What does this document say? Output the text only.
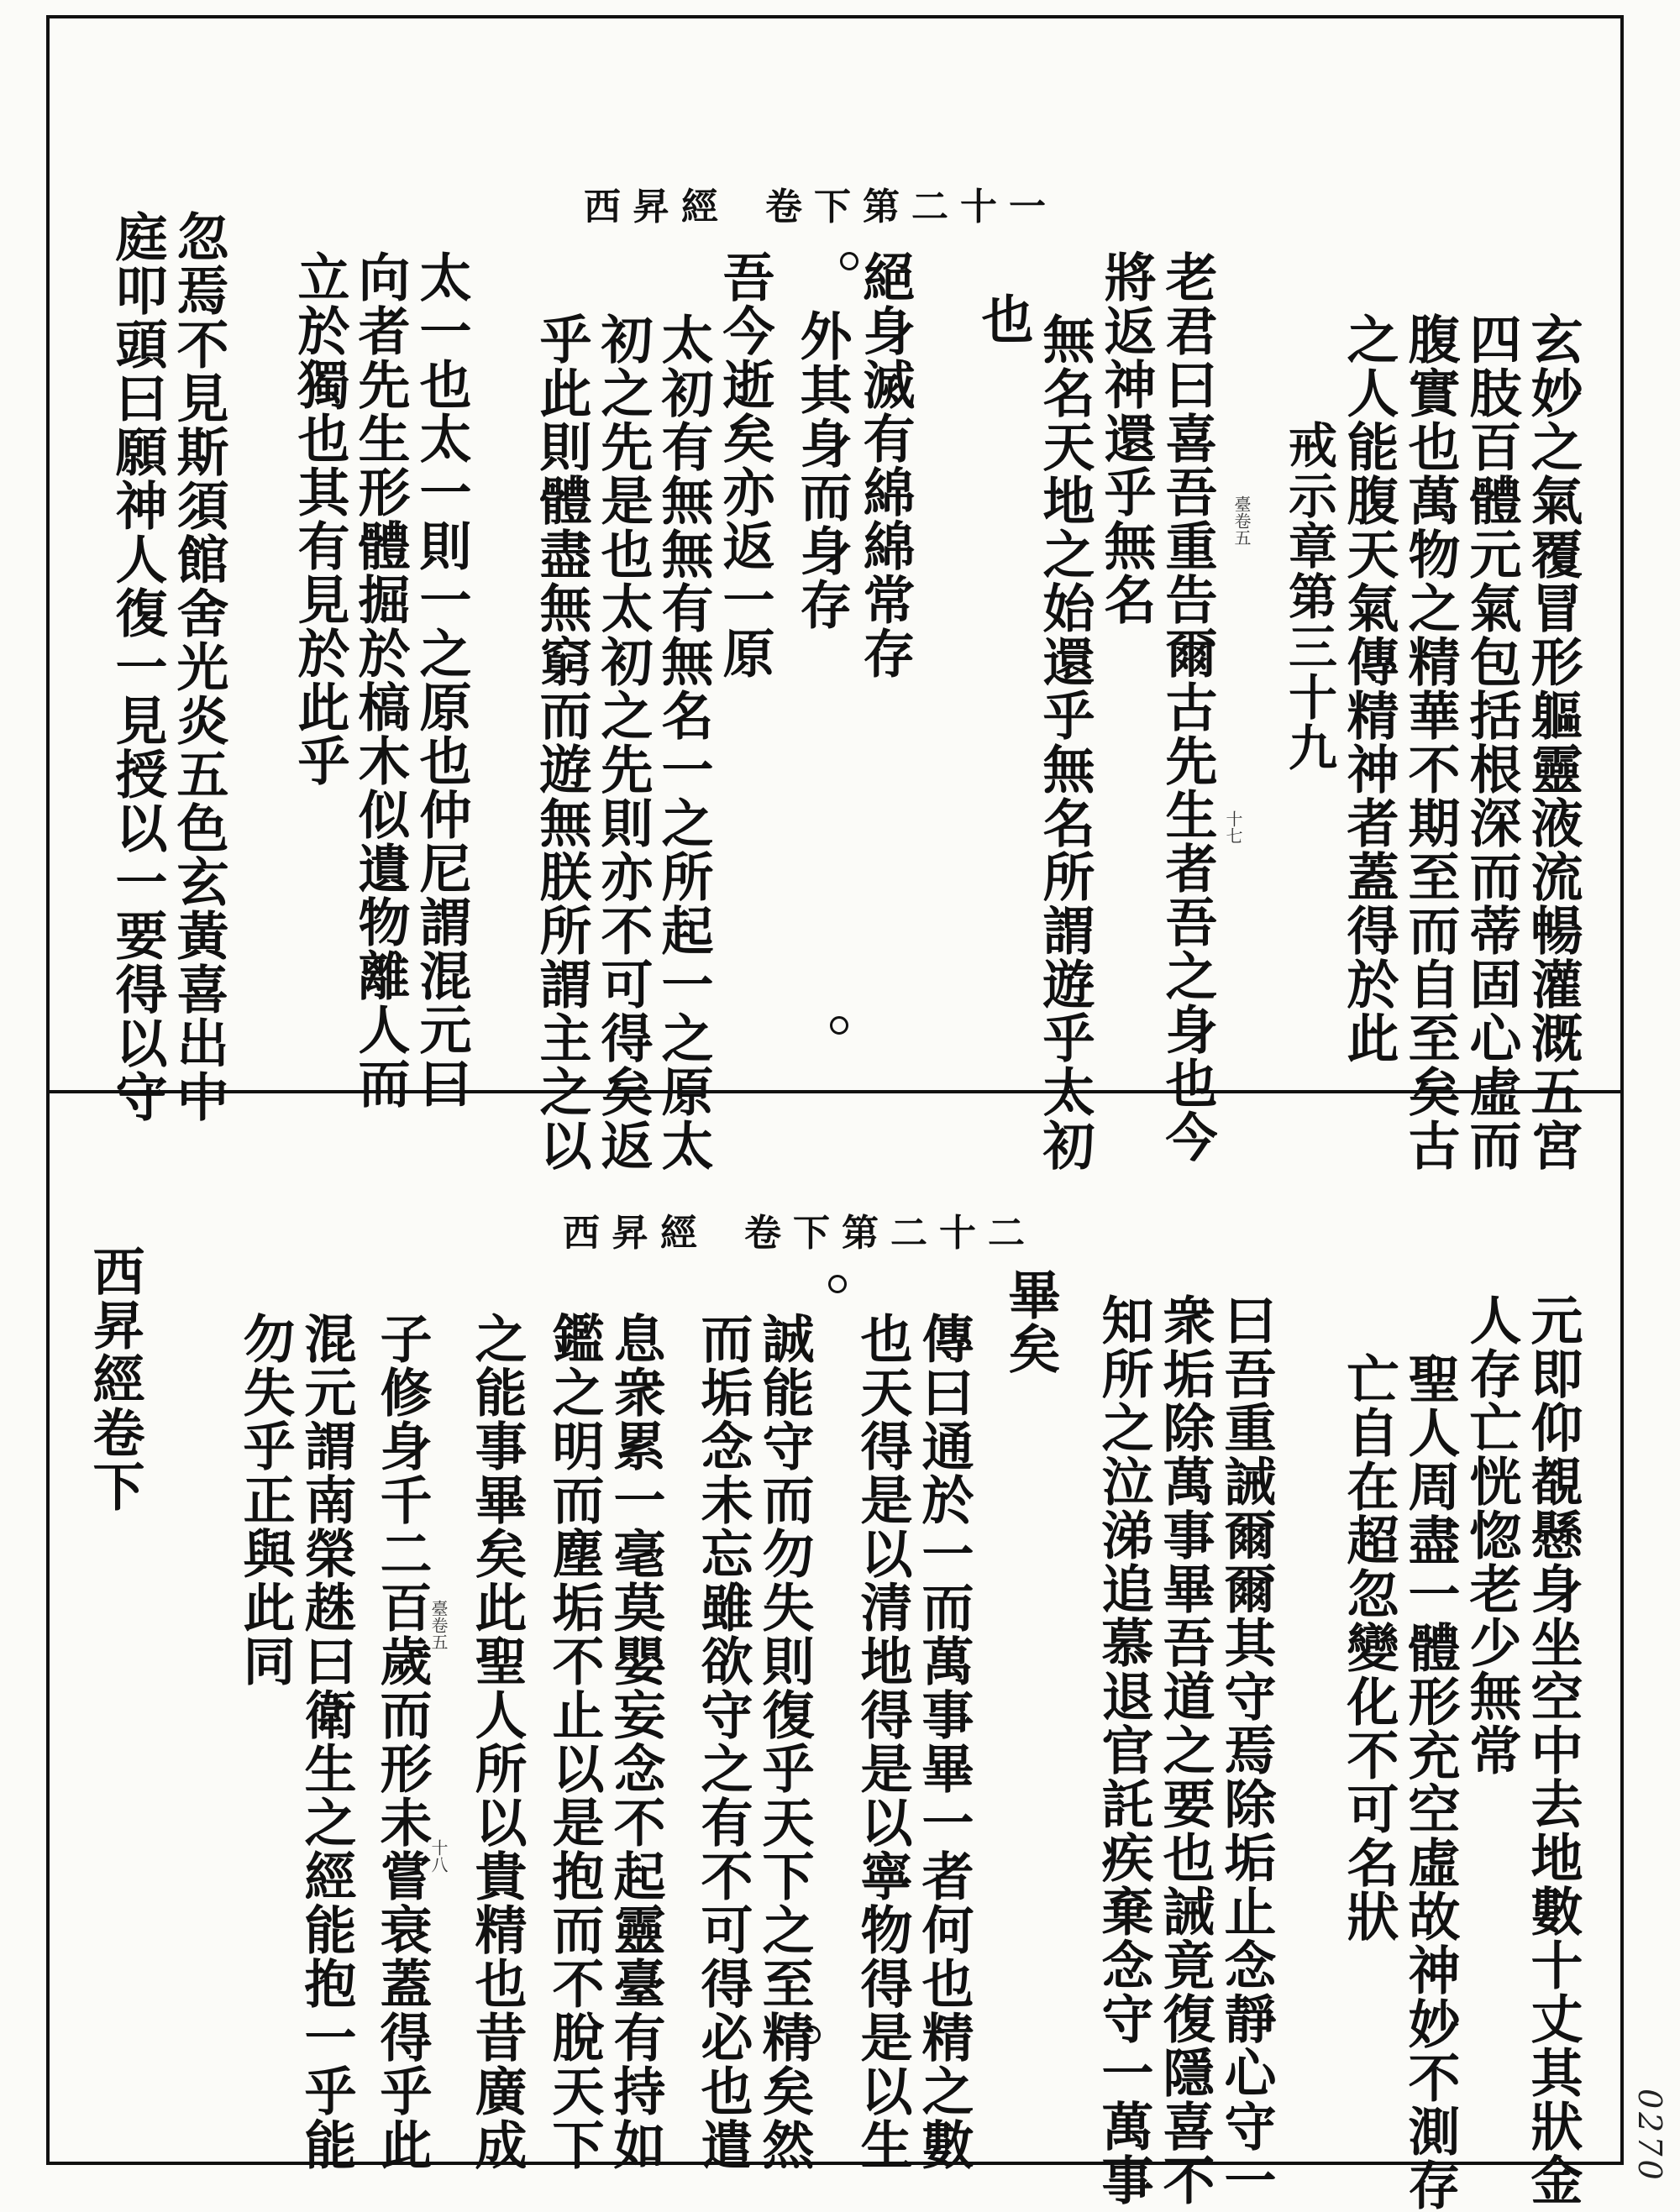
西昇經 卷下第二十一
玄妙之氣覆冒形軀靈液流暢灌溉五宮
四肢百體元氣包括根深而蒂固心虛而
腹實也萬物之精華不期至而自至矣古
之人能腹天氣傳精神者蓋得於此
戒示章第三十九
老君曰喜吾重告爾古先生者吾之身也今
將返神還乎無名
無名天地之始還乎無名所謂遊乎太初
也
絕身滅有綿綿常存
外其身而身存
吾今逝矣亦返一原
太初有無無有無名一之所起一之原太
初之先是也太初之先則亦不可得矣返
乎此則體盡無窮而遊無朕所謂主之以
太一也太一則一之原也仲尼謂混元曰
向者先生形體掘於槁木似遺物離人而
立於獨也其有見於此乎
忽焉不見斯須館舍光炎五色玄黃喜出中
庭叩頭曰願神人復一見授以一要得以守	臺卷五
十七
西昇經 卷下第二十二
元即仰覩懸身坐空中去地數十丈其狀金
人存亡恍惚老少無常
聖人周盡一體形充空虛故神妙不測存
亡自在超忽變化不可名狀
曰吾重誡爾爾其守焉除垢止念靜心守一
衆垢除萬事畢吾道之要也誡竟復隱喜不
知所之泣涕追慕退官託疾棄念守一萬事
畢矣
傳曰通於一而萬事畢一者何也精之數
也天得是以清地得是以寧物得是以生
誠能守而勿失則復乎天下之至精矣然
而垢念未忘雖欲守之有不可得必也遣
息衆累一毫莫嬰妄念不起靈臺有持如
鑑之明而塵垢不止以是抱而不脫天下
之能事畢矣此聖人所以貴精也昔廣成
子修身千二百歲而形未嘗衰蓋得乎此
混元謂南榮趎曰衛生之經能抱一乎能
勿失乎正與此同
西昇經卷下
臺卷五
十八
0270
